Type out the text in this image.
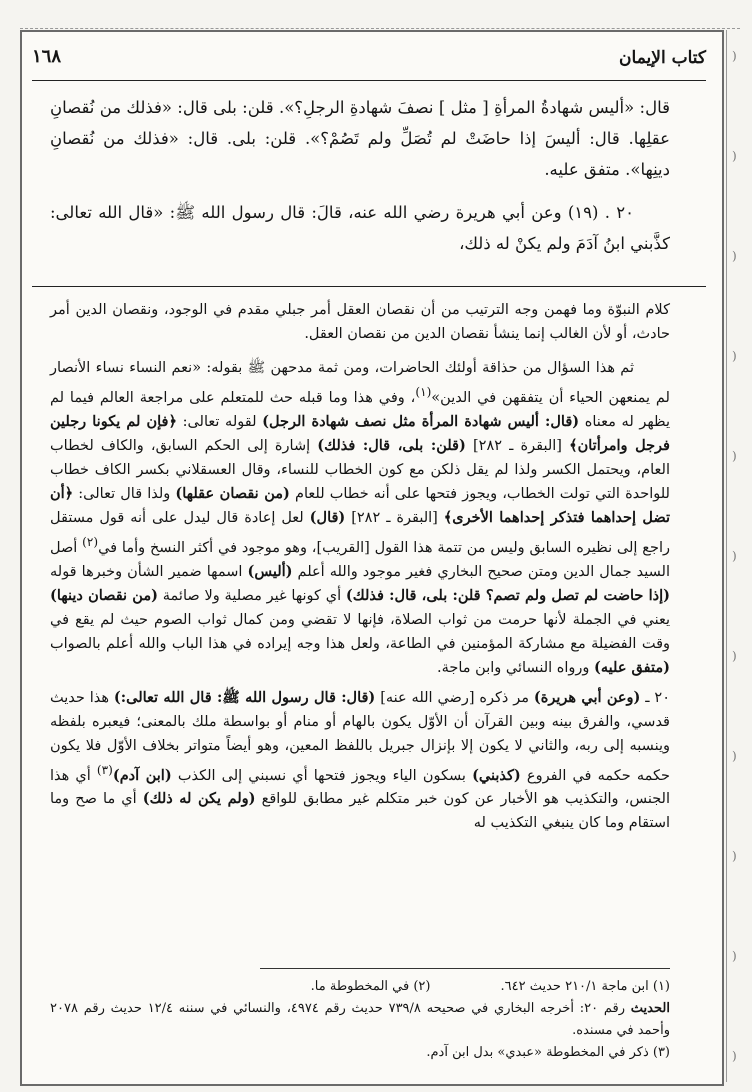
)
)
)
)
)
)
)
)
)
)
)
كتاب الإيمان
١٦٨

قال: «أليس شهادةُ المرأةِ [ مثل ] نصفَ شهادةِ الرجلِ؟». قلن: بلى قال: «فذلك من نُقصانِ عقلِها. قال: أليسَ إذا حاضَتْ لم تُصَلِّ ولم تَصُمْ؟». قلن: بلى. قال: «فذلك من نُقصانِ دينِها». متفق عليه.

٢٠ . (١٩) وعن أبي هريرة رضي الله عنه، قالَ: قال رسول الله ﷺ: «قال الله تعالى: كذَّبني ابنُ آدَمَ ولم يكنْ له ذلك،

كلام النبوّة وما فهمن وجه الترتيب من أن نقصان العقل أمر جبلي مقدم في الوجود، ونقصان الدين أمر حادث، أو لأن الغالب إنما ينشأ نقصان الدين من نقصان العقل.

ثم هذا السؤال من حذاقة أولئك الحاضرات، ومن ثمة مدحهن ﷺ بقوله: «نعم النساء نساء الأنصار لم يمنعهن الحياء أن يتفقهن في الدين»$^{(١)}$، وفي هذا وما قبله حث للمتعلم على مراجعة العالم فيما لم يظهر له معناه (قال: أليس شهادة المرأة مثل نصف شهادة الرجل) لقوله تعالى: ﴿فإن لم يكونا رجلين فرجل وامرأتان﴾ [البقرة ـ ٢٨٢] (قلن: بلى، قال: فذلك) إشارة إلى الحكم السابق، والكاف لخطاب العام، ويحتمل الكسر ولذا لم يقل ذلكن مع كون الخطاب للنساء، وقال العسقلاني بكسر الكاف خطاب للواحدة التي تولت الخطاب، ويجوز فتحها على أنه خطاب للعام (من نقصان عقلها) ولذا قال تعالى: ﴿أن تضل إحداهما فتذكر إحداهما الأخرى﴾ [البقرة ـ ٢٨٢] (قال) لعل إعادة قال ليدل على أنه قول مستقل راجع إلى نظيره السابق وليس من تتمة هذا القول [القريب]، وهو موجود في أكثر النسخ وأما في$^{(٢)}$ أصل السيد جمال الدين ومتن صحيح البخاري فغير موجود والله أعلم (أليس) اسمها ضمير الشأن وخبرها قوله (إذا حاضت لم تصل ولم تصم؟ قلن: بلى، قال: فذلك) أي كونها غير مصلية ولا صائمة (من نقصان دينها) يعني في الجملة لأنها حرمت من ثواب الصلاة، فإنها لا تقضي ومن كمال ثواب الصوم حيث لم يقع في وقت الفضيلة مع مشاركة المؤمنين في الطاعة، ولعل هذا وجه إيراده في هذا الباب والله أعلم بالصواب (متفق عليه) ورواه النسائي وابن ماجة.

٢٠ ـ (وعن أبي هريرة) مر ذكره [رضي الله عنه] (قال: قال رسول الله ﷺ: قال الله تعالى:) هذا حديث قدسي، والفرق بينه وبين القرآن أن الأوّل يكون بالهام أو منام أو بواسطة ملك بالمعنى؛ فيعبره بلفظه وينسبه إلى ربه، والثاني لا يكون إلا بإنزال جبريل باللفظ المعين، وهو أيضاً متواتر بخلاف الأوّل فلا يكون حكمه حكمه في الفروع (كذبني) بسكون الياء ويجوز فتحها أي نسبني إلى الكذب (ابن آدم)$^{(٣)}$ أي هذا الجنس، والتكذيب هو الأخبار عن كون خبر متكلم غير مطابق للواقع (ولم يكن له ذلك) أي ما صح وما استقام وما كان ينبغي التكذيب له

(١) ابن ماجة ٢١٠/١ حديث ٦٤٢.(٢) في المخطوطة ما.

الحديث رقم ٢٠: أخرجه البخاري في صحيحه ٧٣٩/٨ حديث رقم ٤٩٧٤، والنسائي في سننه ١٢/٤ حديث رقم ٢٠٧٨ وأحمد في مسنده.

(٣) ذكر في المخطوطة «عبدي» بدل ابن آدم.
